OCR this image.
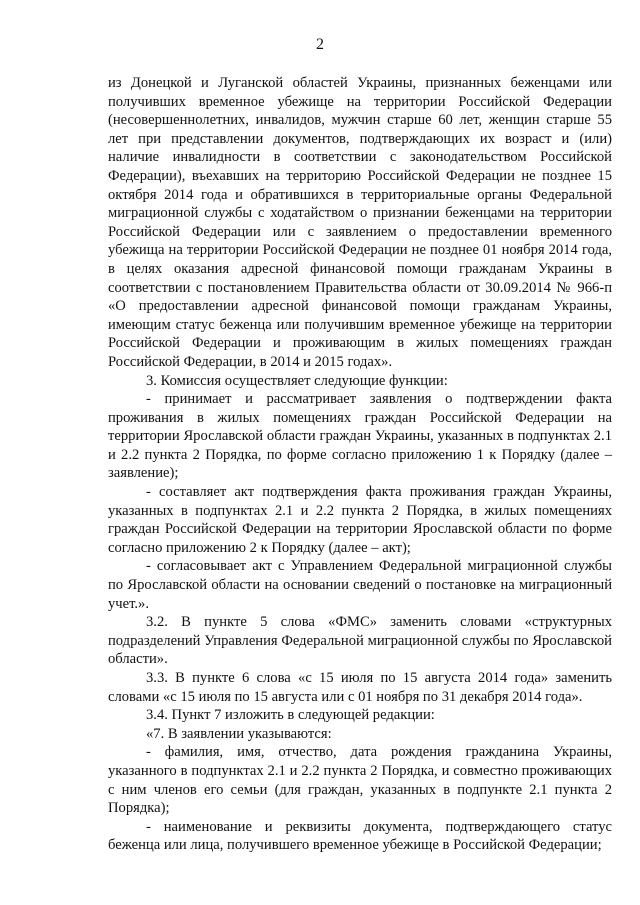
2

из Донецкой и Луганской областей Украины, признанных беженцами или получивших временное убежище на территории Российской Федерации (несовершеннолетних, инвалидов, мужчин старше 60 лет, женщин старше 55 лет при представлении документов, подтверждающих их возраст и (или) наличие инвалидности в соответствии с законодательством Российской Федерации), въехавших на территорию Российской Федерации не позднее 15 октября 2014 года и обратившихся в территориальные органы Федеральной миграционной службы с ходатайством о признании беженцами на территории Российской Федерации или с заявлением о предоставлении временного убежища на территории Российской Федерации не позднее 01 ноября 2014 года, в целях оказания адресной финансовой помощи гражданам Украины в соответствии с постановлением Правительства области от 30.09.2014 № 966-п «О предоставлении адресной финансовой помощи гражданам Украины, имеющим статус беженца или получившим временное убежище на территории Российской Федерации и проживающим в жилых помещениях граждан Российской Федерации, в 2014 и 2015 годах».

3. Комиссия осуществляет следующие функции:

- принимает и рассматривает заявления о подтверждении факта проживания в жилых помещениях граждан Российской Федерации на территории Ярославской области граждан Украины, указанных в подпунктах 2.1 и 2.2 пункта 2 Порядка, по форме согласно приложению 1 к Порядку (далее – заявление);

- составляет акт подтверждения факта проживания граждан Украины, указанных в подпунктах 2.1 и 2.2 пункта 2 Порядка, в жилых помещениях граждан Российской Федерации на территории Ярославской области по форме согласно приложению 2 к Порядку (далее – акт);

- согласовывает акт с Управлением Федеральной миграционной службы по Ярославской области на основании сведений о постановке на миграционный учет.».

3.2. В пункте 5 слова «ФМС» заменить словами «структурных подразделений Управления Федеральной миграционной службы по Ярославской области».

3.3. В пункте 6 слова «с 15 июля по 15 августа 2014 года» заменить словами «с 15 июля по 15 августа или с 01 ноября по 31 декабря 2014 года».

3.4. Пункт 7 изложить в следующей редакции:

«7. В заявлении указываются:

- фамилия, имя, отчество, дата рождения гражданина Украины, указанного в подпунктах 2.1 и 2.2 пункта 2 Порядка, и совместно проживающих с ним членов его семьи (для граждан, указанных в подпункте 2.1 пункта 2 Порядка);

- наименование и реквизиты документа, подтверждающего статус беженца или лица, получившего временное убежище в Российской Федерации;
